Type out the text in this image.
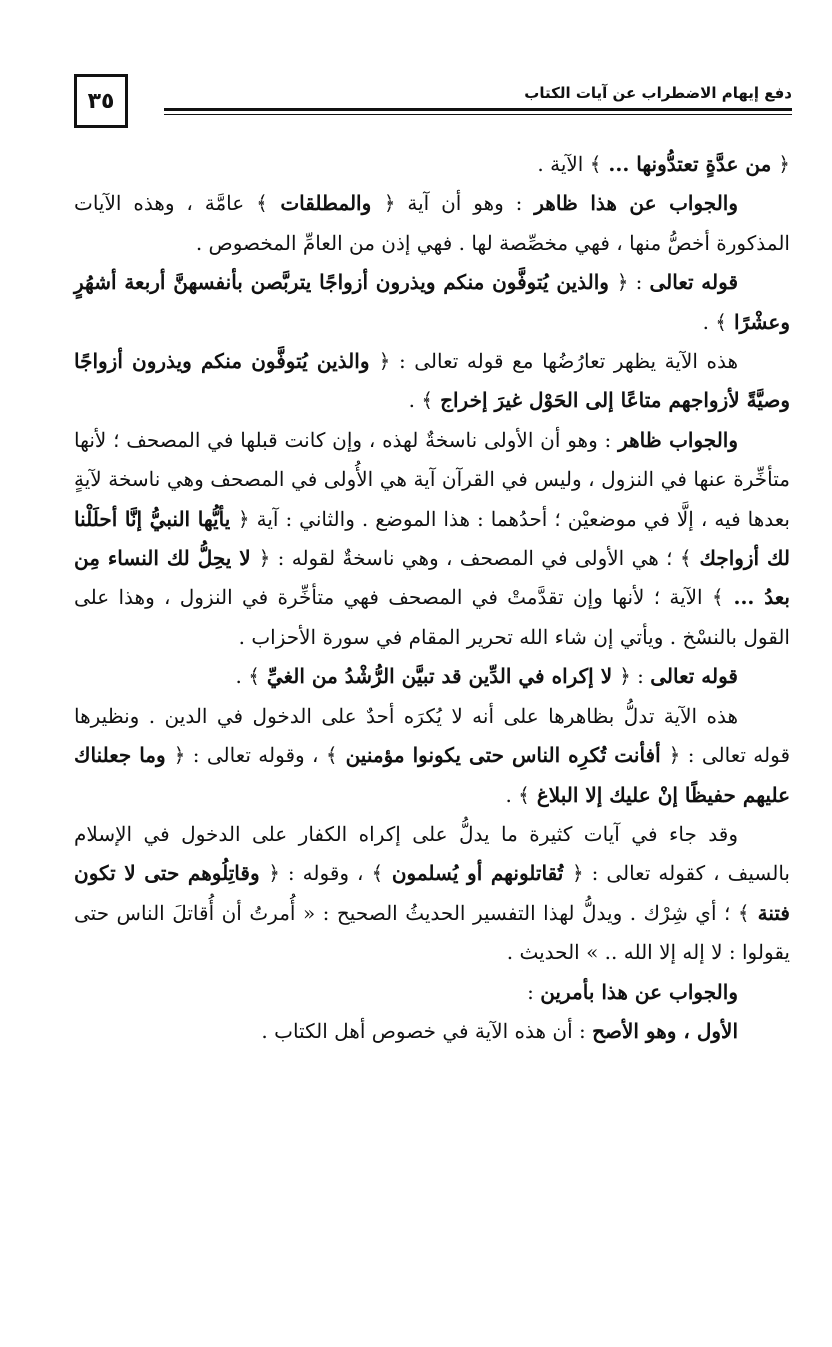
٣٥	دفع إيهام الاضطراب عن آيات الكتاب

﴿ من عدَّةٍ تعتدُّونها ... ﴾ الآية .

والجواب عن هذا ظاهر : وهو أن آية ﴿ والمطلقات ﴾ عامَّة ، وهذه الآيات المذكورة أخصُّ منها ، فهي مخصِّصة لها . فهي إذن من العامِّ المخصوص .

قوله تعالى : ﴿ والذين يُتوفَّون منكم ويذرون أزواجًا يتربَّصن بأنفسهنَّ أربعة أشهُرٍ وعشْرًا ﴾ .

هذه الآية يظهر تعارُضُها مع قوله تعالى : ﴿ والذين يُتوفَّون منكم ويذرون أزواجًا وصيَّةً لأزواجهم متاعًا إلى الحَوْل غيرَ إخراج ﴾ .

والجواب ظاهر : وهو أن الأولى ناسخةٌ لهذه ، وإن كانت قبلها في المصحف ؛ لأنها متأخِّرة عنها في النزول ، وليس في القرآن آية هي الأُولى في المصحف وهي ناسخة لآيةٍ بعدها فيه ، إلَّا في موضعيْن ؛ أحدُهما : هذا الموضع . والثاني : آية ﴿ يأيُّها النبيُّ إنَّا أحلَلْنا لك أزواجك ﴾ ؛ هي الأولى في المصحف ، وهي ناسخةٌ لقوله : ﴿ لا يحِلُّ لك النساء مِن بعدُ ... ﴾ الآية ؛ لأنها وإن تقدَّمتْ في المصحف فهي متأخِّرة في النزول ، وهذا على القول بالنسْخ . ويأتي إن شاء الله تحرير المقام في سورة الأحزاب .

قوله تعالى : ﴿ لا إكراه في الدِّين قد تبيَّن الرُّشْدُ من الغيِّ ﴾ .

هذه الآية تدلُّ بظاهرها على أنه لا يُكرَه أحدٌ على الدخول في الدين . ونظيرها قوله تعالى : ﴿ أفأنت تُكرِه الناس حتى يكونوا مؤمنين ﴾ ، وقوله تعالى : ﴿ وما جعلناك عليهم حفيظًا إنْ عليك إلا البلاغ ﴾ .

وقد جاء في آيات كثيرة ما يدلُّ على إكراه الكفار على الدخول في الإسلام بالسيف ، كقوله تعالى : ﴿ تُقاتلونهم أو يُسلمون ﴾ ، وقوله : ﴿ وقاتِلُوهم حتى لا تكون فتنة ﴾ ؛ أي شِرْك . ويدلُّ لهذا التفسير الحديثُ الصحيح : « أُمرتُ أن أُقاتلَ الناس حتى يقولوا : لا إله إلا الله .. » الحديث .

والجواب عن هذا بأمرين :

الأول ، وهو الأصح : أن هذه الآية في خصوص أهل الكتاب .
